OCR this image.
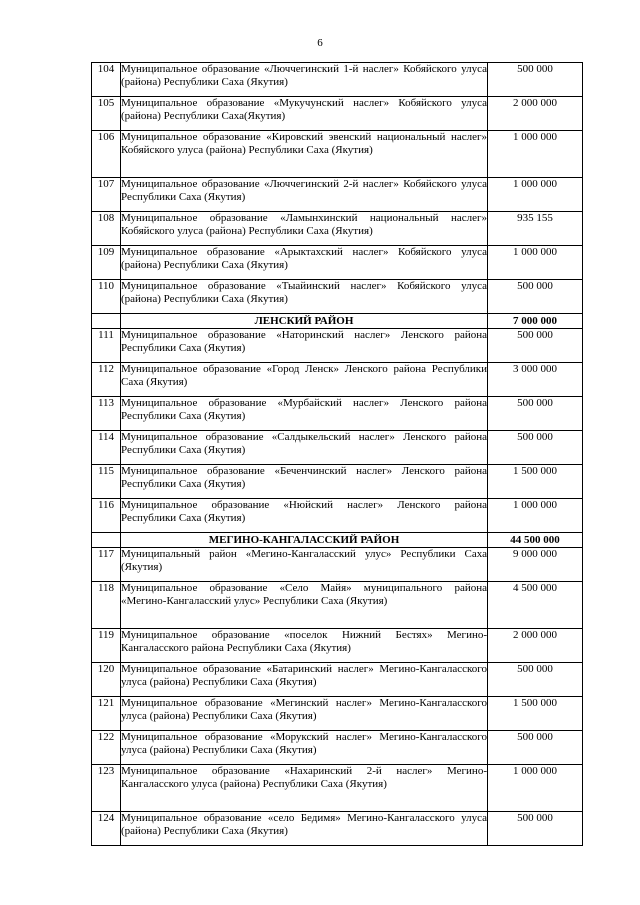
6
104	Муниципальное образование «Люччегинский 1-й наслег» Кобяйского улуса (района) Республики Саха (Якутия)	500 000
105	Муниципальное образование «Мукучунский наслег» Кобяйского улуса (района) Республики Саха(Якутия)	2 000 000
106	Муниципальное образование «Кировский эвенский национальный наслег» Кобяйского улуса (района) Республики Саха (Якутия)	1 000 000
107	Муниципальное образование «Люччегинский 2-й наслег» Кобяйского улуса Республики Саха (Якутия)	1 000 000
108	Муниципальное образование «Ламынхинский национальный наслег» Кобяйского улуса (района) Республики Саха (Якутия)	935 155
109	Муниципальное образование «Арыктахский наслег» Кобяйского улуса (района) Республики Саха (Якутия)	1 000 000
110	Муниципальное образование «Тыайинский наслег» Кобяйского улуса (района) Республики Саха (Якутия)	500 000
	ЛЕНСКИЙ РАЙОН	7 000 000
111	Муниципальное образование «Наторинский наслег» Ленского района Республики Саха (Якутия)	500 000
112	Муниципальное образование «Город Ленск» Ленского района Республики Саха (Якутия)	3 000 000
113	Муниципальное образование «Мурбайский наслег» Ленского района Республики Саха (Якутия)	500 000
114	Муниципальное образование «Салдыкельский наслег» Ленского района Республики Саха (Якутия)	500 000
115	Муниципальное образование «Беченчинский наслег» Ленского района Республики Саха (Якутия)	1 500 000
116	Муниципальное образование «Нюйский наслег» Ленского района Республики Саха (Якутия)	1 000 000
	МЕГИНО-КАНГАЛАССКИЙ РАЙОН	44 500 000
117	Муниципальный район «Мегино-Кангаласский улус» Республики Саха (Якутия)	9 000 000
118	Муниципальное образование «Село Майя» муниципального района «Мегино-Кангаласский улус» Республики Саха (Якутия)	4 500 000
119	Муниципальное образование «поселок Нижний Бестях» Мегино-Кангаласского района Республики Саха (Якутия)	2 000 000
120	Муниципальное образование «Батаринский наслег» Мегино-Кангаласского улуса (района) Республики Саха (Якутия)	500 000
121	Муниципальное образование «Мегинский наслег» Мегино-Кангаласского улуса (района) Республики Саха (Якутия)	1 500 000
122	Муниципальное образование «Морукский наслег» Мегино-Кангаласского улуса (района) Республики Саха (Якутия)	500 000
123	Муниципальное образование «Нахаринский 2-й наслег» Мегино-Кангаласского улуса (района) Республики Саха (Якутия)	1 000 000
124	Муниципальное образование «село Бедимя» Мегино-Кангаласского улуса (района) Республики Саха (Якутия)	500 000
